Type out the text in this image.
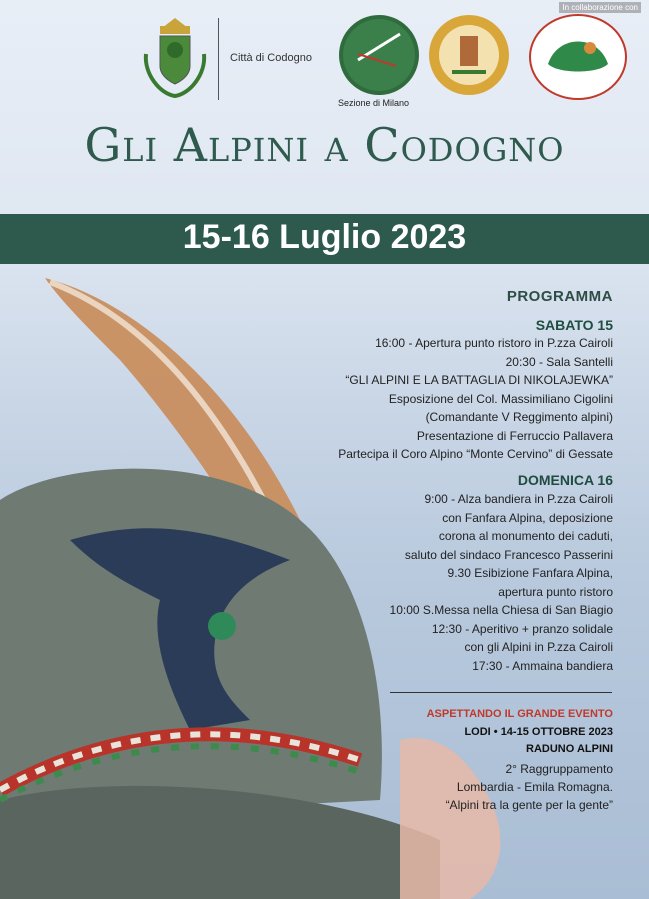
In collaborazione con
Città di Codogno
Sezione di Milano
Gli Alpini a Codogno
15-16 Luglio 2023
PROGRAMMA
SABATO 15
16:00 - Apertura punto ristoro in P.zza Cairoli
20:30 - Sala Santelli
“GLI ALPINI E LA BATTAGLIA DI NIKOLAJEWKA”
Esposizione del Col. Massimiliano Cigolini
(Comandante V Reggimento alpini)
Presentazione di Ferruccio Pallavera
Partecipa il Coro Alpino “Monte Cervino” di Gessate
DOMENICA 16
9:00 - Alza bandiera in P.zza Cairoli
con Fanfara Alpina, deposizione
corona al monumento dei caduti,
saluto del sindaco Francesco Passerini
9.30 Esibizione Fanfara Alpina,
apertura punto ristoro
10:00 S.Messa nella Chiesa di San Biagio
12:30 - Aperitivo + pranzo solidale
con gli Alpini in P.zza Cairoli
17:30 - Ammaina bandiera
ASPETTANDO IL GRANDE EVENTO
LODI • 14-15 OTTOBRE 2023
RADUNO ALPINI
2° Raggruppamento
Lombardia - Emila Romagna.
“Alpini tra la gente per la gente”
